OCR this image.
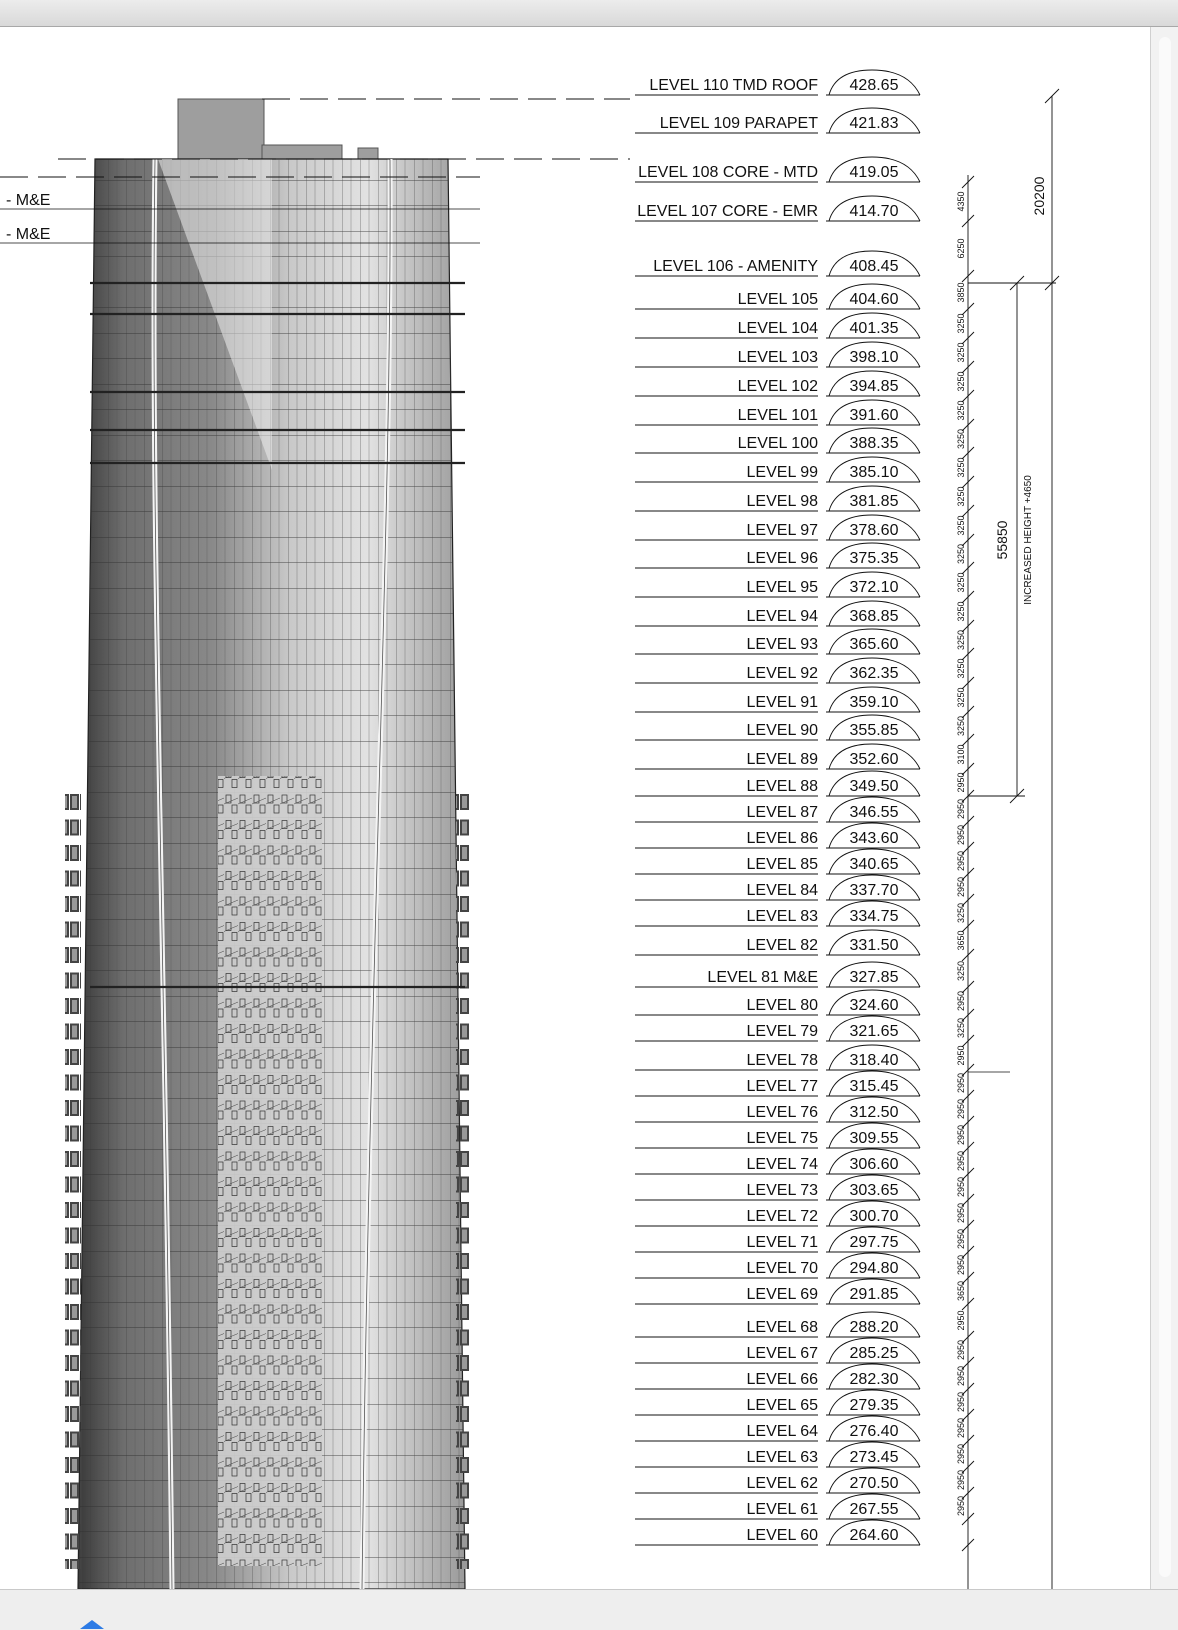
- M&E
- M&E
LEVEL 110 TMD ROOF 428.65
LEVEL 109 PARAPET 421.83
LEVEL 108 CORE - MTD 419.05
LEVEL 107 CORE - EMR 414.70
LEVEL 106 - AMENITY 408.45
LEVEL 105 404.60
LEVEL 104 401.35
LEVEL 103 398.10
LEVEL 102 394.85
LEVEL 101 391.60
LEVEL 100 388.35
LEVEL 99 385.10
LEVEL 98 381.85
LEVEL 97 378.60
LEVEL 96 375.35
LEVEL 95 372.10
LEVEL 94 368.85
LEVEL 93 365.60
LEVEL 92 362.35
LEVEL 91 359.10
LEVEL 90 355.85
LEVEL 89 352.60
LEVEL 88 349.50
LEVEL 87 346.55
LEVEL 86 343.60
LEVEL 85 340.65
LEVEL 84 337.70
LEVEL 83 334.75
LEVEL 82 331.50
LEVEL 81 M&E 327.85
LEVEL 80 324.60
LEVEL 79 321.65
LEVEL 78 318.40
LEVEL 77 315.45
LEVEL 76 312.50
LEVEL 75 309.55
LEVEL 74 306.60
LEVEL 73 303.65
LEVEL 72 300.70
LEVEL 71 297.75
LEVEL 70 294.80
LEVEL 69 291.85
LEVEL 68 288.20
LEVEL 67 285.25
LEVEL 66 282.30
LEVEL 65 279.35
LEVEL 64 276.40
LEVEL 63 273.45
LEVEL 62 270.50
LEVEL 61 267.55
LEVEL 60 264.60
4350
6250
3850
3250
3250
3250
3250
3250
3250
3250
3250
3250
3250
3250
3250
3250
3250
3250
3100
2950
2950
2950
2950
2950
3250
3650
3250
2950
3250
2950
2950
2950
2950
2950
2950
2950
2950
2950
3650
2950
2950
2950
2950
2950
2950
2950
2950
20200
55850 INCREASED HEIGHT +4650
